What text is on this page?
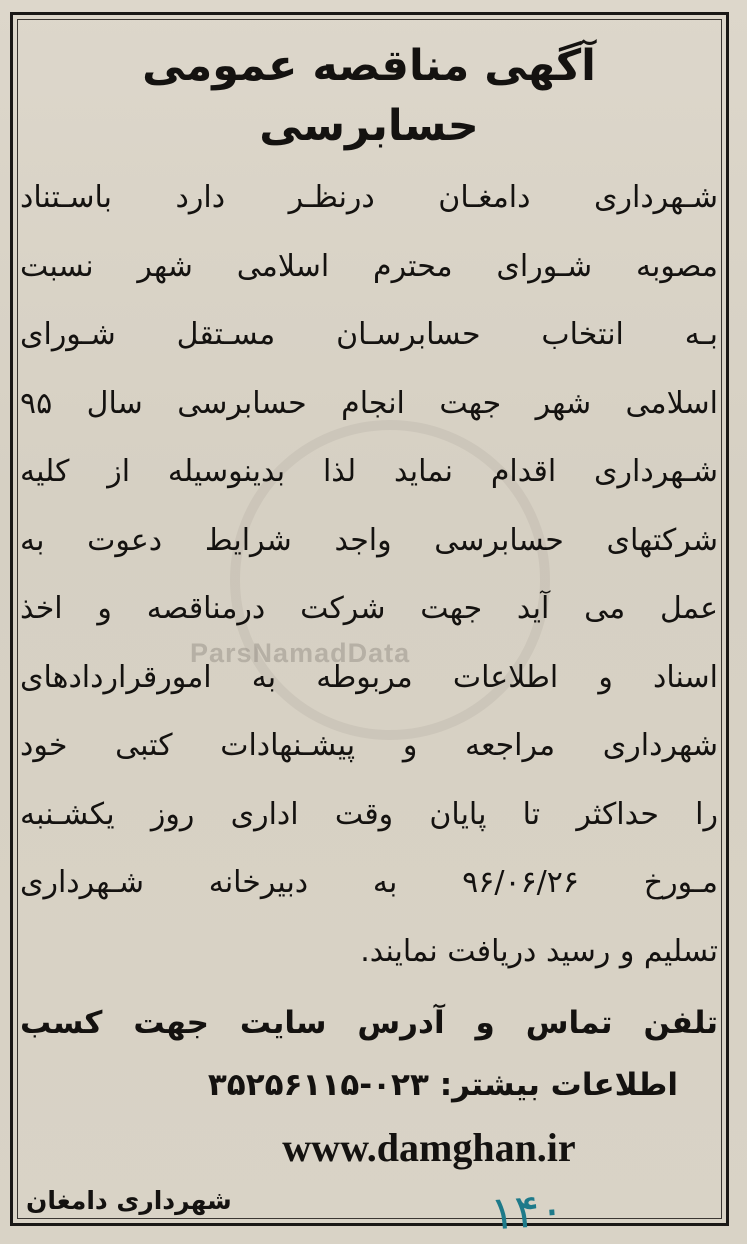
ParsNamadData
آگهی مناقصه عمومی
حسابرسی
شـهرداری دامغـان درنظـر دارد باسـتناد
مصوبه شـورای محترم اسلامی شهر نسبت
بـه انتخاب حسابرسـان مسـتقل شـورای
اسلامی شهر جهت انجام حسابرسی سال ۹۵
شـهرداری اقدام نماید لذا بدینوسیله از کلیه
شرکتهای حسابرسی واجد شرایط دعوت به
عمل می آید جهت شرکت درمناقصه و اخذ
اسناد و اطلاعات مربوطه به امورقراردادهای
شهرداری مراجعه و پیشـنهادات کتبی خود
را حداکثر تا پایان وقت اداری روز یکشـنبه
مـورخ ۹۶/۰۶/۲۶ به دبیرخانه شـهرداری
تسلیم و رسید دریافت نمایند.
تلفن تماس و آدرس سایت جهت کسب
اطلاعات بیشتر: ۰۲۳-۳۵۲۵۶۱۱۵
www.damghan.ir
۱۴۰
شهرداری دامغان
